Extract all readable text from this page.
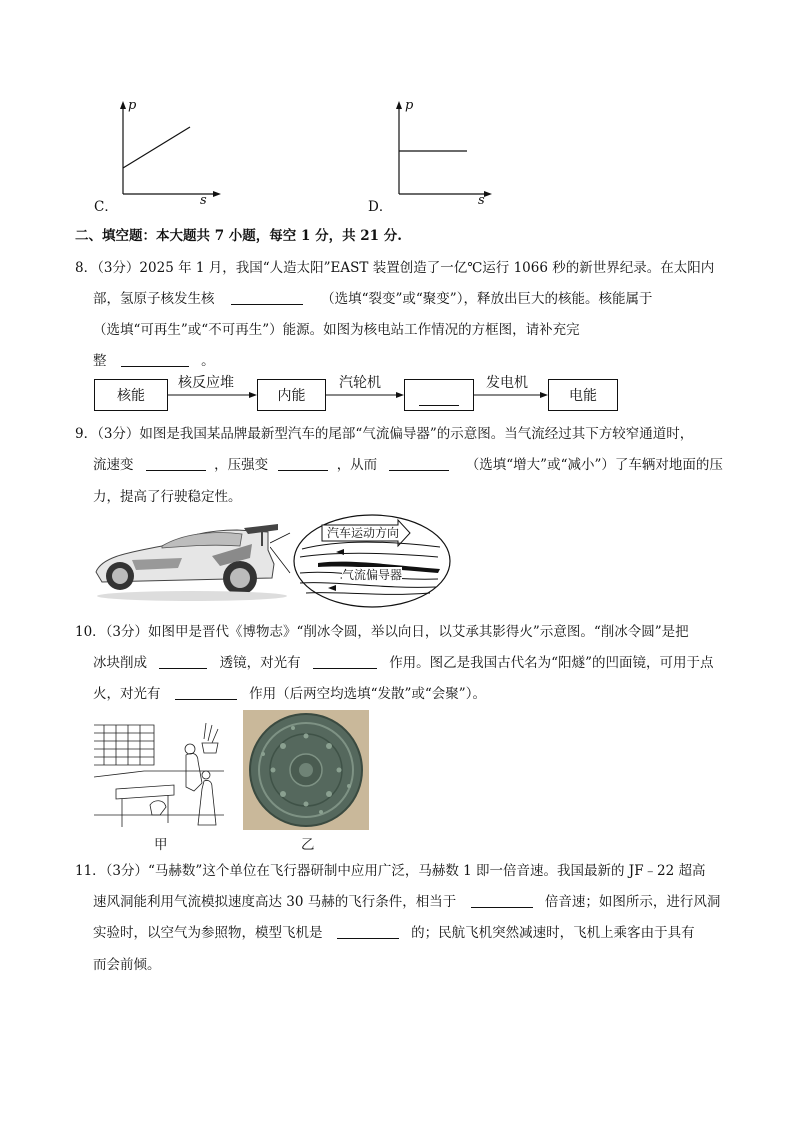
p
s
C．
p
s
D．
二、填空题：本大题共 7 小题，每空 1 分，共 21 分.
8．（3分）2025 年 1 月，我国“人造太阳”EAST 装置创造了一亿℃运行 1066 秒的新世界纪录。在太阳内
部，氢原子核发生核	（选填“裂变”或“聚变”），释放出巨大的核能。核能属于
（选填“可再生”或“不可再生”）能源。如图为核电站工作情况的方框图，请补充完
整	。
核能
核反应堆
内能
汽轮机	发电机
电能
9．（3分）如图是我国某品牌最新型汽车的尾部“气流偏导器”的示意图。当气流经过其下方较窄通道时，
流速变	，压强变	，从而	（选填“增大”或“减小”）了车辆对地面的压
力，提高了行驶稳定性。
汽车运动方向
气流偏导器
10．（3分）如图甲是晋代《博物志》“削冰令圆，举以向日，以艾承其影得火”示意图。“削冰令圆”是把
冰块削成	透镜，对光有	作用。图乙是我国古代名为“阳燧”的凹面镜，可用于点
火，对光有	作用（后两空均选填“发散”或“会聚”）。
甲	乙
11．（3分）“马赫数”这个单位在飞行器研制中应用广泛，马赫数 1 即一倍音速。我国最新的 JF﹣22 超高
速风洞能利用气流模拟速度高达 30 马赫的飞行条件，相当于	倍音速；如图所示，进行风洞
实验时，以空气为参照物，模型飞机是	的；民航飞机突然减速时，飞机上乘客由于具有
而会前倾。
